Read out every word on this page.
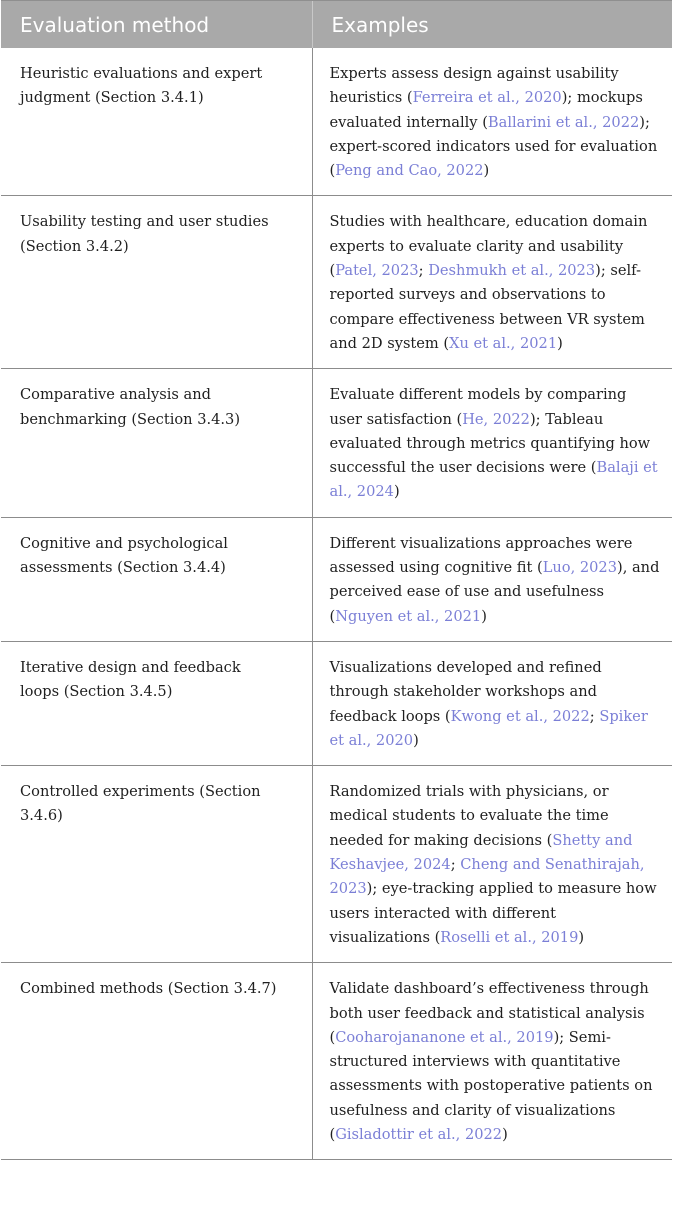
Evaluation method	Examples
Heuristic evaluations and expert judgment (Section 3.4.1)	Experts assess design against usability heuristics (Ferreira et al., 2020); mockups evaluated internally (Ballarini et al., 2022); expert-scored indicators used for evaluation (Peng and Cao, 2022)
Usability testing and user studies (Section 3.4.2)	Studies with healthcare, education domain experts to evaluate clarity and usability (Patel, 2023; Deshmukh et al., 2023); self-reported surveys and observations to compare effectiveness between VR system and 2D system (Xu et al., 2021)
Comparative analysis and benchmarking (Section 3.4.3)	Evaluate different models by comparing user satisfaction (He, 2022); Tableau evaluated through metrics quantifying how successful the user decisions were (Balaji et al., 2024)
Cognitive and psychological assessments (Section 3.4.4)	Different visualizations approaches were assessed using cognitive fit (Luo, 2023), and perceived ease of use and usefulness (Nguyen et al., 2021)
Iterative design and feedback loops (Section 3.4.5)	Visualizations developed and refined through stakeholder workshops and feedback loops (Kwong et al., 2022; Spiker et al., 2020)
Controlled experiments (Section 3.4.6)	Randomized trials with physicians, or medical students to evaluate the time needed for making decisions (Shetty and Keshavjee, 2024; Cheng and Senathirajah, 2023); eye-tracking applied to measure how users interacted with different visualizations (Roselli et al., 2019)
Combined methods (Section 3.4.7)	Validate dashboard’s effectiveness through both user feedback and statistical analysis (Cooharojananone et al., 2019); Semi-structured interviews with quantitative assessments with postoperative patients on usefulness and clarity of visualizations (Gisladottir et al., 2022)
